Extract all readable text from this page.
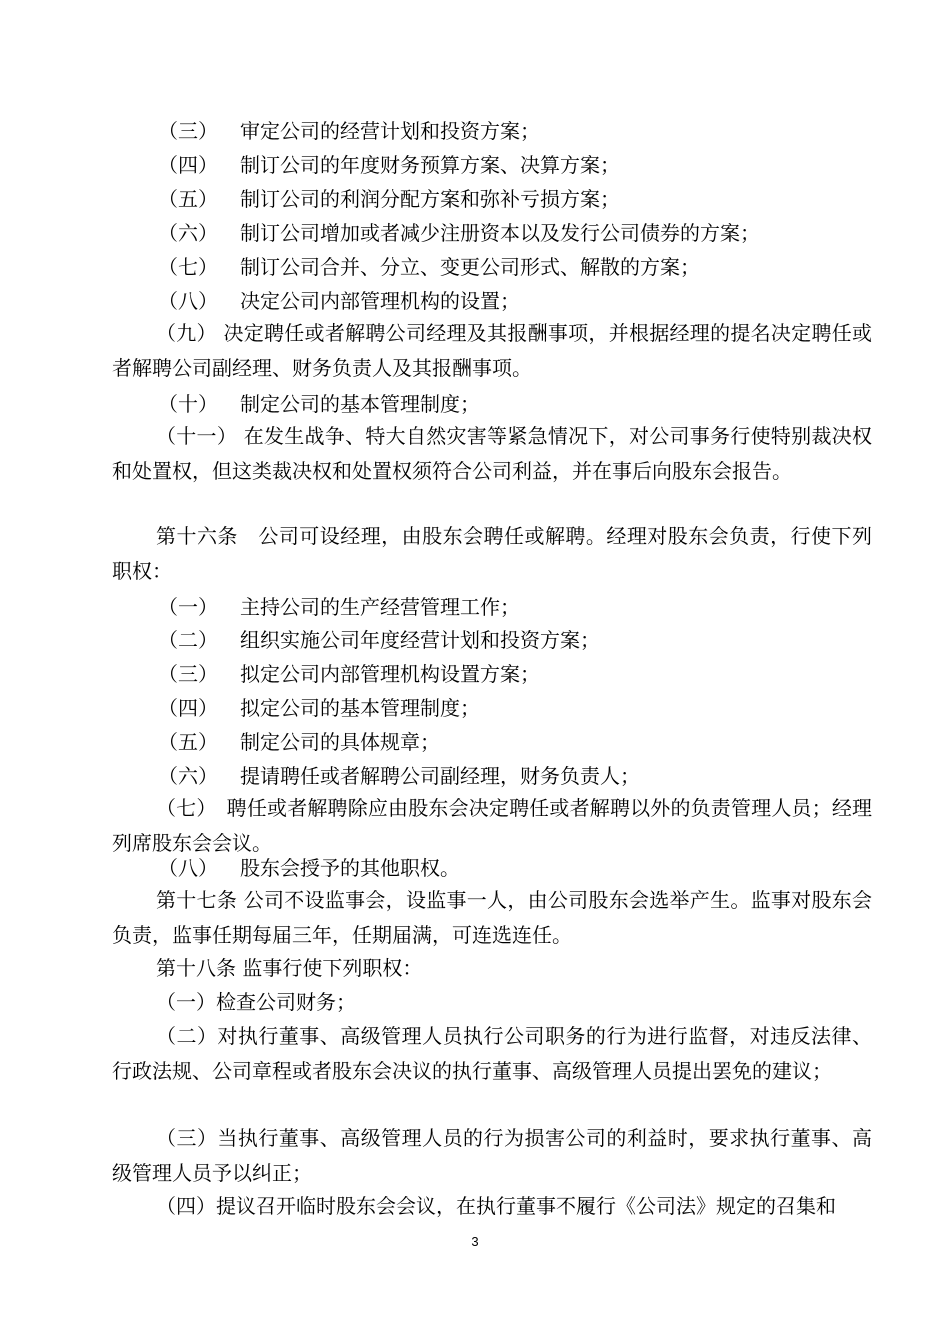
（三） 审定公司的经营计划和投资方案；
（四） 制订公司的年度财务预算方案、决算方案；
（五） 制订公司的利润分配方案和弥补亏损方案；
（六） 制订公司增加或者减少注册资本以及发行公司债券的方案；
（七） 制订公司合并、分立、变更公司形式、解散的方案；
（八） 决定公司内部管理机构的设置；
（九） 决定聘任或者解聘公司经理及其报酬事项，并根据经理的提名决定聘任或者解聘公司副经理、财务负责人及其报酬事项。
（十） 制定公司的基本管理制度；
（十一） 在发生战争、特大自然灾害等紧急情况下，对公司事务行使特别裁决权和处置权，但这类裁决权和处置权须符合公司利益，并在事后向股东会报告。
第十六条　公司可设经理，由股东会聘任或解聘。经理对股东会负责，行使下列职权：
（一） 主持公司的生产经营管理工作；
（二） 组织实施公司年度经营计划和投资方案；
（三） 拟定公司内部管理机构设置方案；
（四） 拟定公司的基本管理制度；
（五） 制定公司的具体规章；
（六） 提请聘任或者解聘公司副经理，财务负责人；
（七）　聘任或者解聘除应由股东会决定聘任或者解聘以外的负责管理人员；经理列席股东会会议。
（八） 股东会授予的其他职权。
第十七条 公司不设监事会，设监事一人，由公司股东会选举产生。监事对股东会负责，监事任期每届三年，任期届满，可连选连任。
第十八条 监事行使下列职权：
（一）检查公司财务；
（二）对执行董事、高级管理人员执行公司职务的行为进行监督，对违反法律、行政法规、公司章程或者股东会决议的执行董事、高级管理人员提出罢免的建议；
（三）当执行董事、高级管理人员的行为损害公司的利益时，要求执行董事、高级管理人员予以纠正；
（四）提议召开临时股东会会议，在执行董事不履行《公司法》规定的召集和
3
